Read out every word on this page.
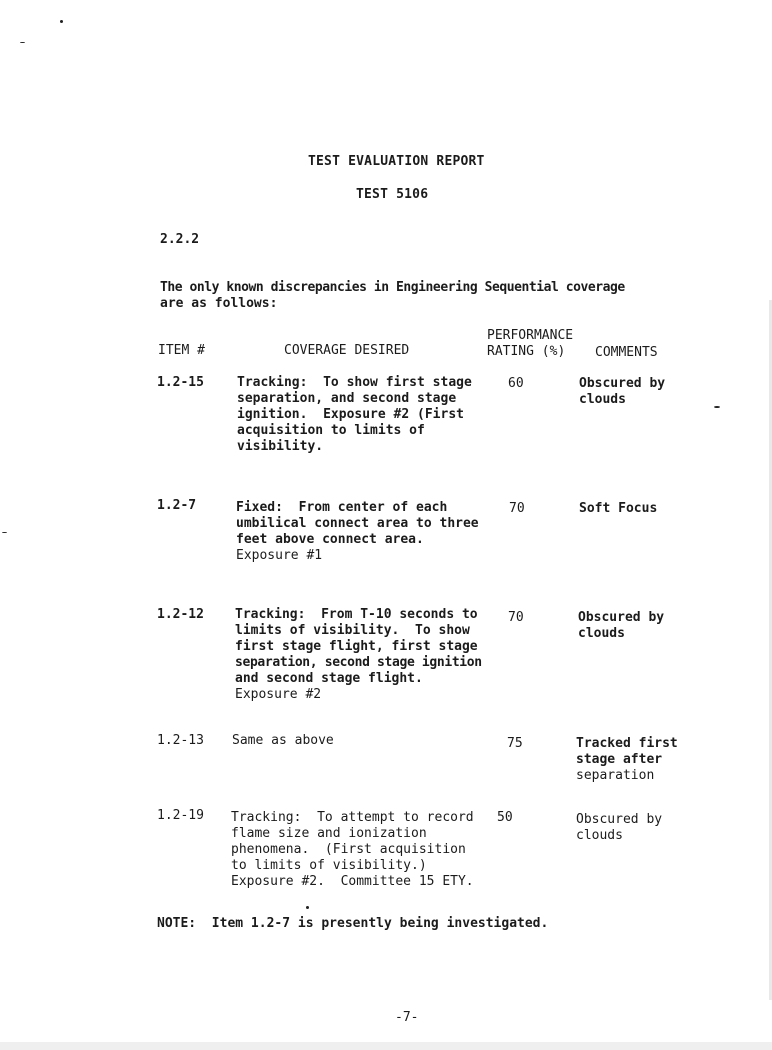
TEST EVALUATION REPORT
TEST 5106
2.2.2
The only known discrepancies in Engineering Sequential coverage
are as follows:
ITEM #	COVERAGE DESIRED
PERFORMANCE
RATING (%) COMMENTS
1.2-15	Tracking:  To show first stage
separation, and second stage
ignition.  Exposure #2 (First
acquisition to limits of
visibility.
60	Obscured by
clouds
1.2-7	Fixed:  From center of each
umbilical connect area to three
feet above connect area.
Exposure #1
70	Soft Focus
1.2-12 Tracking:  From T-10 seconds to
limits of visibility.  To show
first stage flight, first stage
separation, second stage ignition
and second stage flight.
Exposure #2
70	Obscured by
clouds
1.2-13 Same as above	75	Tracked first
stage after
separation
1.2-19 Tracking:  To attempt to record
flame size and ionization
phenomena.  (First acquisition
to limits of visibility.)
Exposure #2.  Committee 15 ETY.
50	Obscured by
clouds
NOTE:  Item 1.2-7 is presently being investigated.
-7-
